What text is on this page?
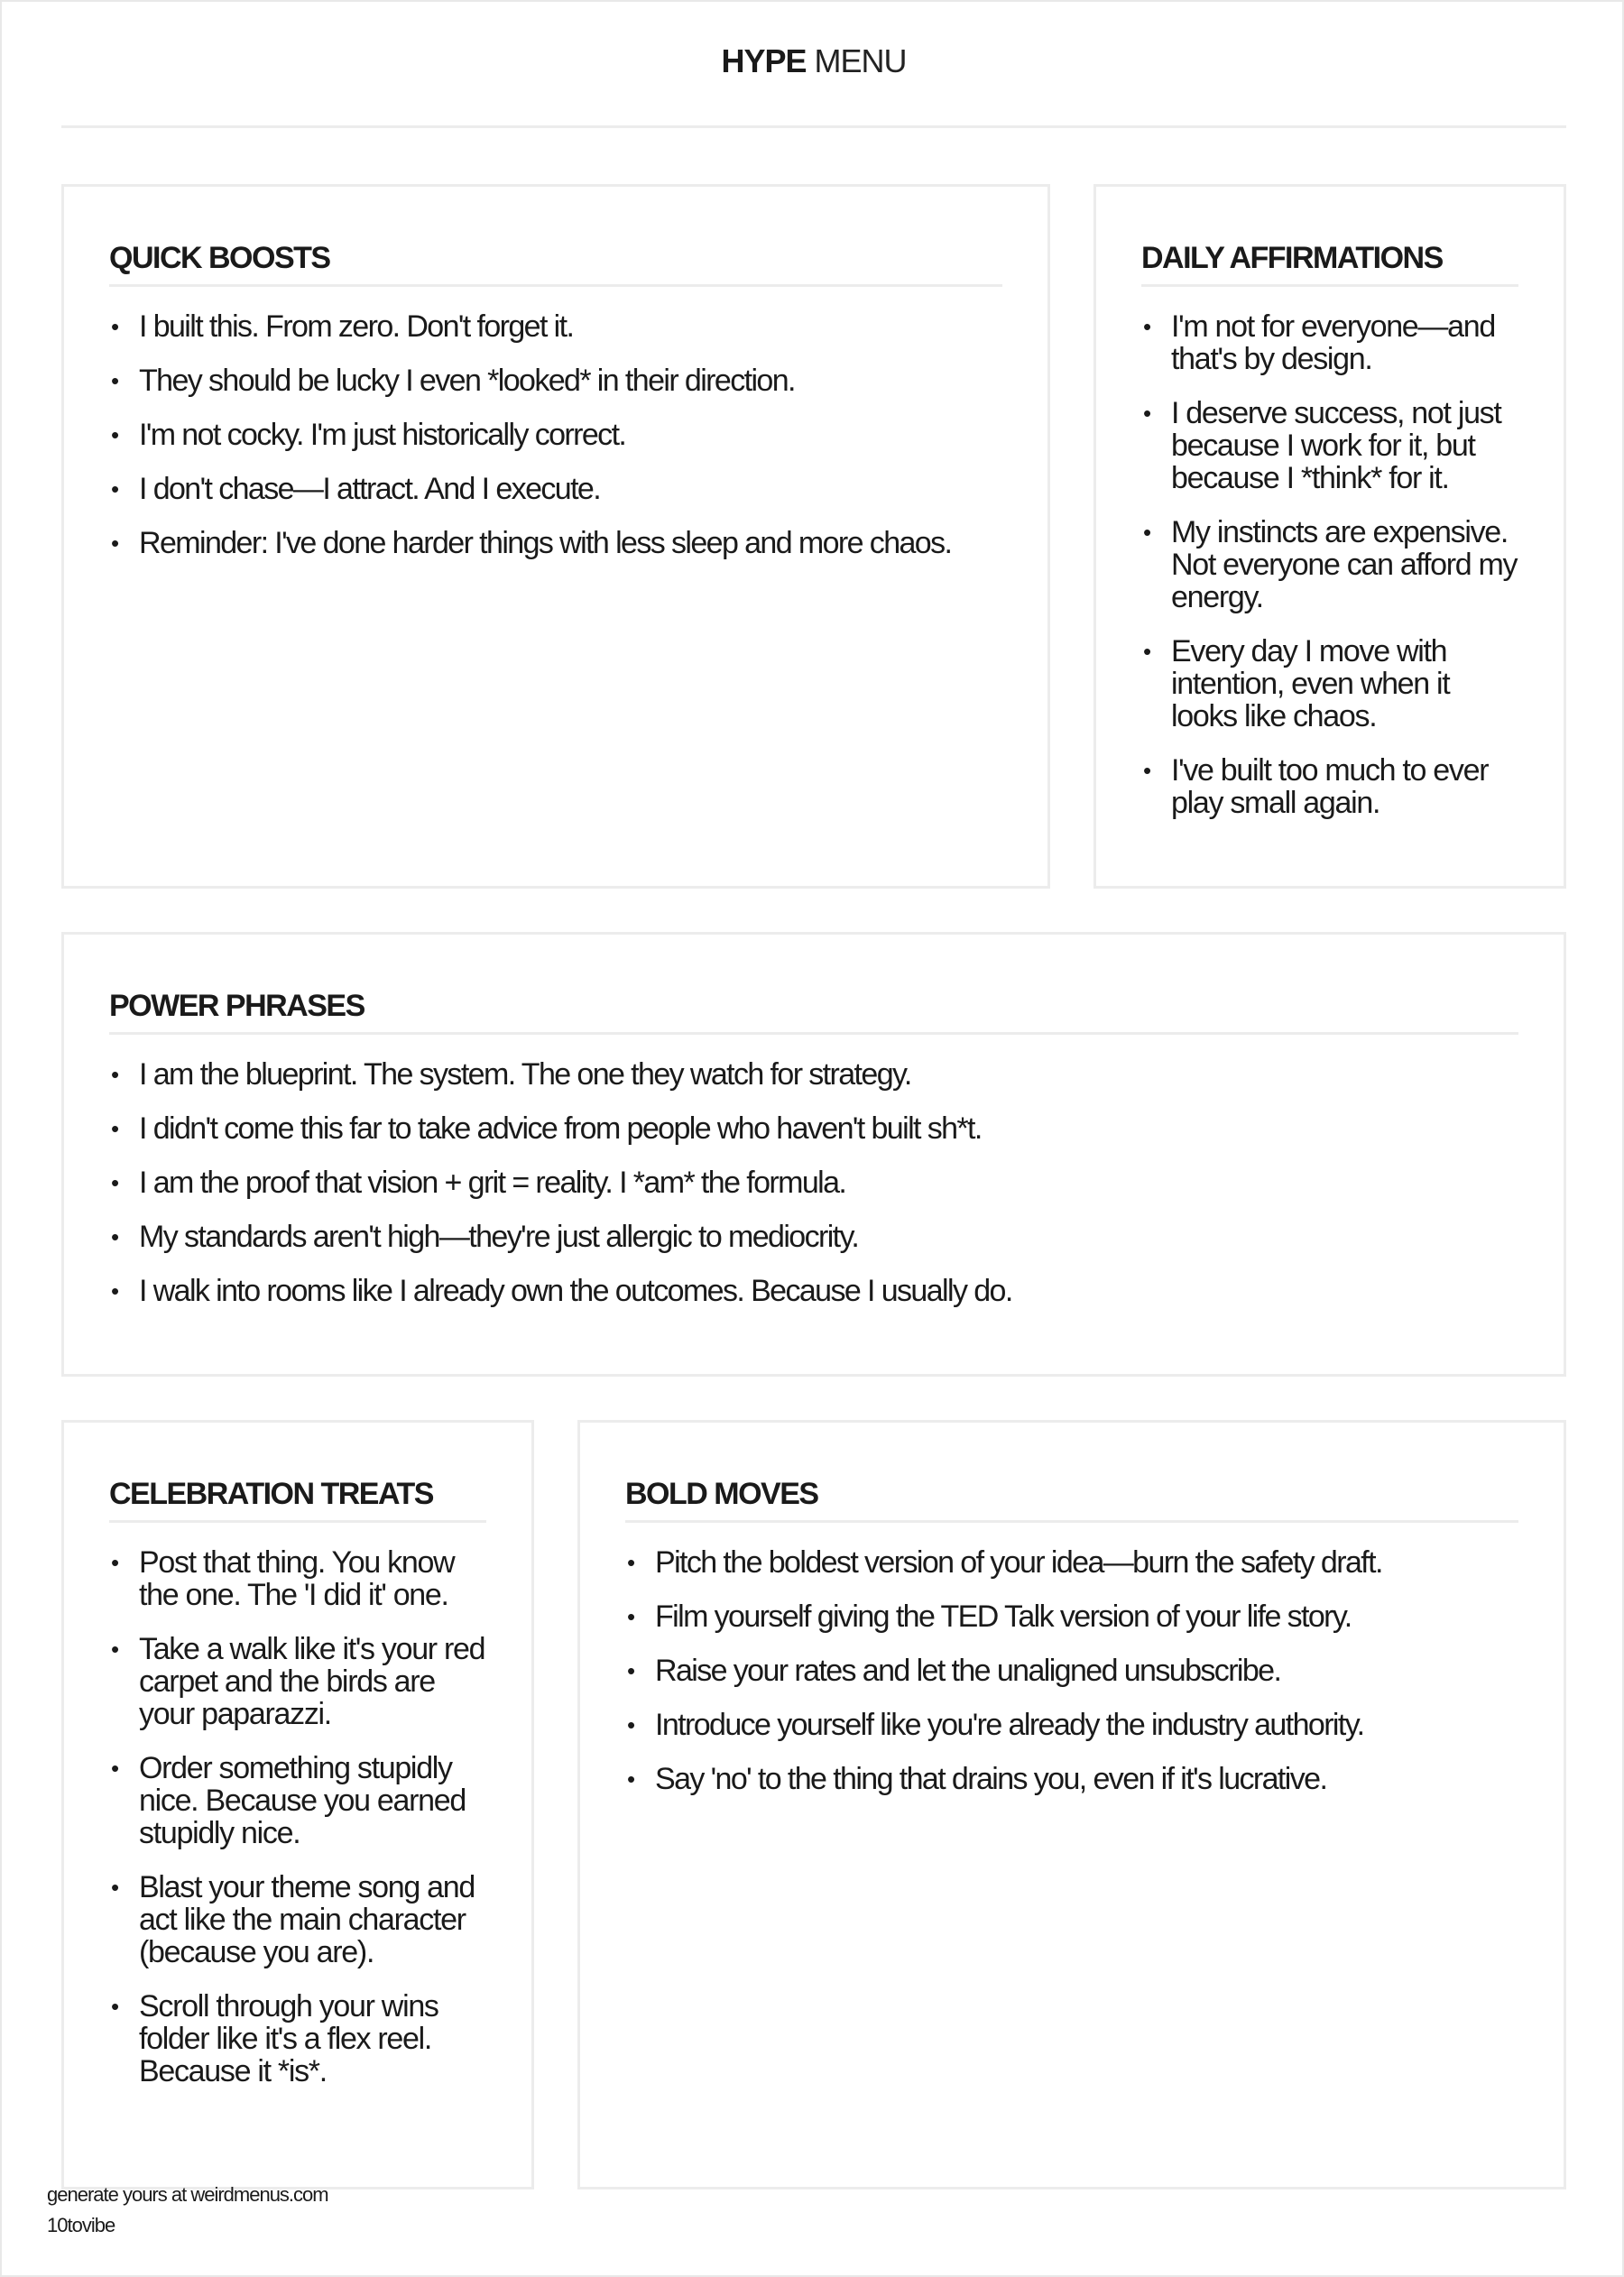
HYPE MENU
QUICK BOOSTS
• I built this. From zero. Don't forget it.
• They should be lucky I even *looked* in their direction.
• I'm not cocky. I'm just historically correct.
• I don't chase—I attract. And I execute.
• Reminder: I've done harder things with less sleep and more chaos.
DAILY AFFIRMATIONS
• I'm not for everyone—and that's by design.
• I deserve success, not just because I work for it, but because I *think* for it.
• My instincts are expensive. Not everyone can afford my energy.
• Every day I move with intention, even when it looks like chaos.
• I've built too much to ever play small again.
POWER PHRASES
• I am the blueprint. The system. The one they watch for strategy.
• I didn't come this far to take advice from people who haven't built sh*t.
• I am the proof that vision + grit = reality. I *am* the formula.
• My standards aren't high—they're just allergic to mediocrity.
• I walk into rooms like I already own the outcomes. Because I usually do.
CELEBRATION TREATS
• Post that thing. You know the one. The 'I did it' one.
• Take a walk like it's your red carpet and the birds are your paparazzi.
• Order something stupidly nice. Because you earned stupidly nice.
• Blast your theme song and act like the main character (because you are).
• Scroll through your wins folder like it's a flex reel. Because it *is*.
BOLD MOVES
• Pitch the boldest version of your idea—burn the safety draft.
• Film yourself giving the TED Talk version of your life story.
• Raise your rates and let the unaligned unsubscribe.
• Introduce yourself like you're already the industry authority.
• Say 'no' to the thing that drains you, even if it's lucrative.
generate yours at weirdmenus.com
10tovibe
